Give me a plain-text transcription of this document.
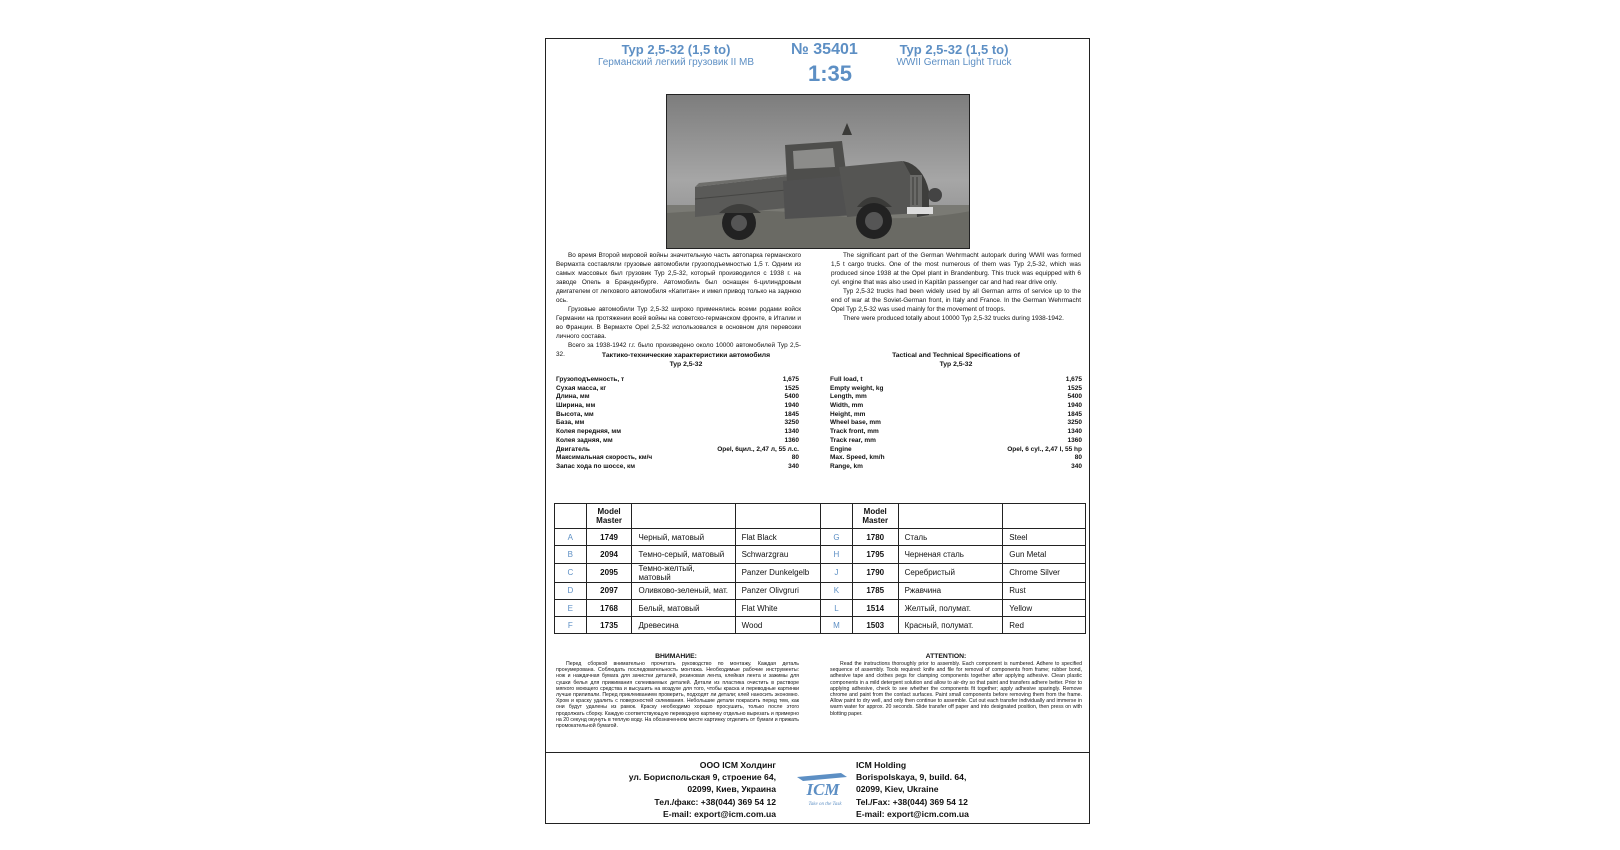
Typ 2,5-32 (1,5 to)
Германский легкий грузовик II МВ
№ 35401
1:35
Typ 2,5-32 (1,5 to)
WWII German Light Truck

Во время Второй мировой войны значительную часть автопарка германского Вермахта составляли грузовые автомобили грузоподъемностью 1,5 т. Одним из самых массовых был грузовик Typ 2,5-32, который производился с 1938 г. на заводе Опель в Бранденбурге. Автомобиль был оснащен 6-цилиндровым двигателем от легкового автомобиля «Капитан» и имел привод только на заднюю ось.

Грузовые автомобили Typ 2,5-32 широко применялись всеми родами войск Германии на протяжении всей войны на советско-германском фронте, в Италии и во Франции. В Вермахте Opel 2,5-32 использовался в основном для перевозки личного состава.

Всего за 1938-1942 г.г. было произведено около 10000 автомобилей Typ 2,5-32.

The significant part of the German Wehrmacht autopark during WWII was formed 1,5 t cargo trucks. One of the most numerous of them was Typ 2,5-32, which was produced since 1938 at the Opel plant in Brandenburg. This truck was equipped with 6 cyl. engine that was also used in Kapitän passenger car and had rear drive only.

Typ 2,5-32 trucks had been widely used by all German arms of service up to the end of war at the Soviet-German front, in Italy and France. In the German Wehrmacht Opel Typ 2,5-32 was used mainly for the movement of troops.

There were produced totally about 10000 Typ 2,5-32 trucks during 1938-1942.

Тактико-технические характеристики автомобиля
Typ 2,5-32
Tactical and Technical Specifications of
Typ 2,5-32
Грузоподъемность, т	1,675
Сухая масса, кг	1525
Длина, мм	5400
Ширина, мм	1940
Высота, мм	1845
База, мм	3250
Колея передняя, мм	1340
Колея задняя, мм	1360
Двигатель	Opel, 6цил., 2,47 л, 55 л.с.
Максимальная скорость, км/ч	80
Запас хода по шоссе, км	340
Full load, t	1,675
Empty weight, kg	1525
Length, mm	5400
Width, mm	1940
Height, mm	1845
Wheel base, mm	3250
Track front, mm	1340
Track rear, mm	1360
Engine	Opel, 6 cyl., 2,47 l, 55 hp
Max. Speed, km/h	80
Range, km	340
	Model Master				Model Master		
A	1749	Черный, матовый	Flat Black	G	1780	Сталь	Steel
B	2094	Темно-серый, матовый	Schwarzgrau	H	1795	Черненая сталь	Gun Metal
C	2095	Темно-желтый, матовый	Panzer Dunkelgelb	J	1790	Серебристый	Chrome Silver
D	2097	Оливково-зеленый, мат.	Panzer Olivgruri	K	1785	Ржавчина	Rust
E	1768	Белый, матовый	Flat White	L	1514	Желтый, полумат.	Yellow
F	1735	Древесина	Wood	M	1503	Красный, полумат.	Red
ВНИМАНИЕ:

Перед сборкой внимательно прочитать руководство по монтажу. Каждая деталь пронумерована. Соблюдать последовательность монтажа. Необходимые рабочие инструменты: нож и наждачная бумага для зачистки деталей, резиновая лента, клейкая лента и зажимы для сушки белья для прижимания склеиваемых деталей. Детали из пластика очистить в растворе мягкого моющего средства и высушить на воздухе для того, чтобы краска и переводные картинки лучше прилипали. Перед приклеиванием проверить, подходят ли детали; клей наносить экономно. Хром и краску удалить с поверхностей склеивания. Небольшие детали покрасить перед тем, как они будут удалены из рамок. Краску необходимо хорошо просушить, только после этого продолжать сборку. Каждую соответствующую переводную картинку отдельно вырезать и примерно на 20 секунд окунуть в теплую воду. На обозначенном месте картинку отделить от бумаги и прижать промокательной бумагой.

ATTENTION:

Read the instructions thoroughly prior to assembly. Each component is numbered. Adhere to specified sequence of assembly. Tools required: knife and file for removal of components from frame; rubber bond, adhesive tape and clothes pegs for clamping components together after applying adhesive. Clean plastic components in a mild detergent solution and allow to air-dry so that paint and transfers adhere better. Prior to applying adhesive, check to see whether the components fit together; apply adhesive sparingly. Remove chrome and paint from the contact surfaces. Paint small components before removing them from the frame. Allow paint to dry well, and only then continue to assemble. Cut out each transfer individually and immerse in warm water for approx. 20 seconds. Slide transfer off paper and into designated position, then press on with blotting paper.

ООО ICM Холдинг
ул. Бориспольская 9, строение 64,
02099, Киев, Украина
Тел./факс: +38(044) 369 54 12
E-mail: export@icm.com.ua
ICM
Take on the Task
ICM Holding
Borispolskaya, 9, build. 64,
02099, Kiev, Ukraine
Tel./Fax: +38(044) 369 54 12
E-mail: export@icm.com.ua
